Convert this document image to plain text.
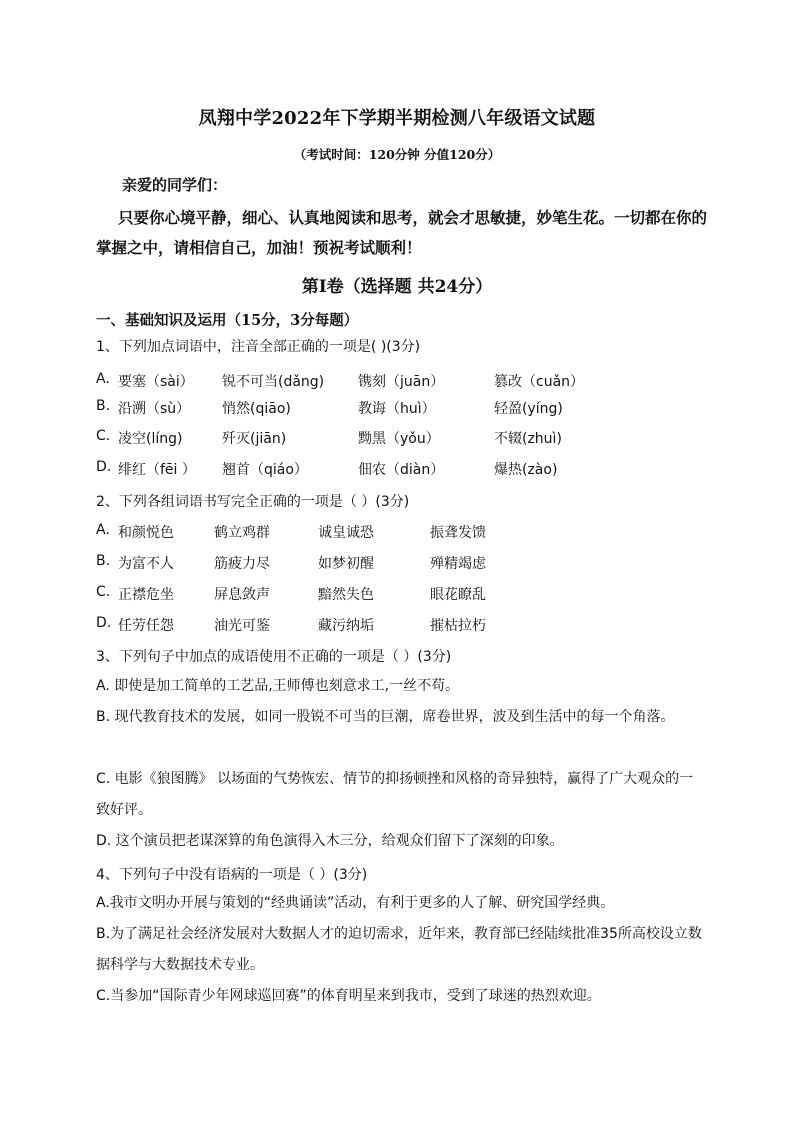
凤翔中学2022年下学期半期检测八年级语文试题
（考试时间：120分钟 分值120分）
亲爱的同学们：
只要你心境平静，细心、认真地阅读和思考，就会才思敏捷，妙笔生花。一切都在你的掌握之中，请相信自己，加油！预祝考试顺利！
第Ⅰ卷（选择题 共24分）
一、基础知识及运用（15分，3分每题）
1、下列加点词语中，注音全部正确的一项是( )(3分)
A. 要塞（sài） 锐不可当(dǎng) 镌刻（juān）	篡改（cuǎn）
B. 沿溯（sù） 悄然(qiāo)	教诲（huì）	轻盈(yíng)
C. 凌空(líng)	歼灭(jiān)	黝黑（yǒu）	不辍(zhuì)
D. 绯红（fēi ） 翘首（qiáo）	佃农（diàn）	爆热(zào)
2、下列各组词语书写完全正确的一项是（ ）(3分)
A. 和颜悦色	鹤立鸡群	诚皇诚恐	振聋发馈
B. 为富不人	筋疲力尽	如梦初醒	殚精竭虑
C. 正襟危坐	屏息敛声	黯然失色	眼花瞭乱
D. 任劳任怨	油光可鉴	藏污纳垢	摧枯拉朽
3、下列句子中加点的成语使用不正确的一项是（ ）(3分)
A. 即使是加工简单的工艺品,王师傅也刻意求工,一丝不苟。
B. 现代教育技术的发展，如同一股锐不可当的巨潮，席卷世界，波及到生活中的每一个角落。
C. 电影《狼图腾》 以场面的气势恢宏、情节的抑扬顿挫和风格的奇异独特，赢得了广大观众的一致好评。
D. 这个演员把老谋深算的角色演得入木三分，给观众们留下了深刻的印象。
4、下列句子中没有语病的一项是（ ）(3分)
A.我市文明办开展与策划的“经典诵读”活动，有利于更多的人了解、研究国学经典。
B.为了满足社会经济发展对大数据人才的迫切需求，近年来，教育部已经陆续批准35所高校设立数据科学与大数据技术专业。
C.当参加“国际青少年网球巡回赛”的体育明星来到我市，受到了球迷的热烈欢迎。
